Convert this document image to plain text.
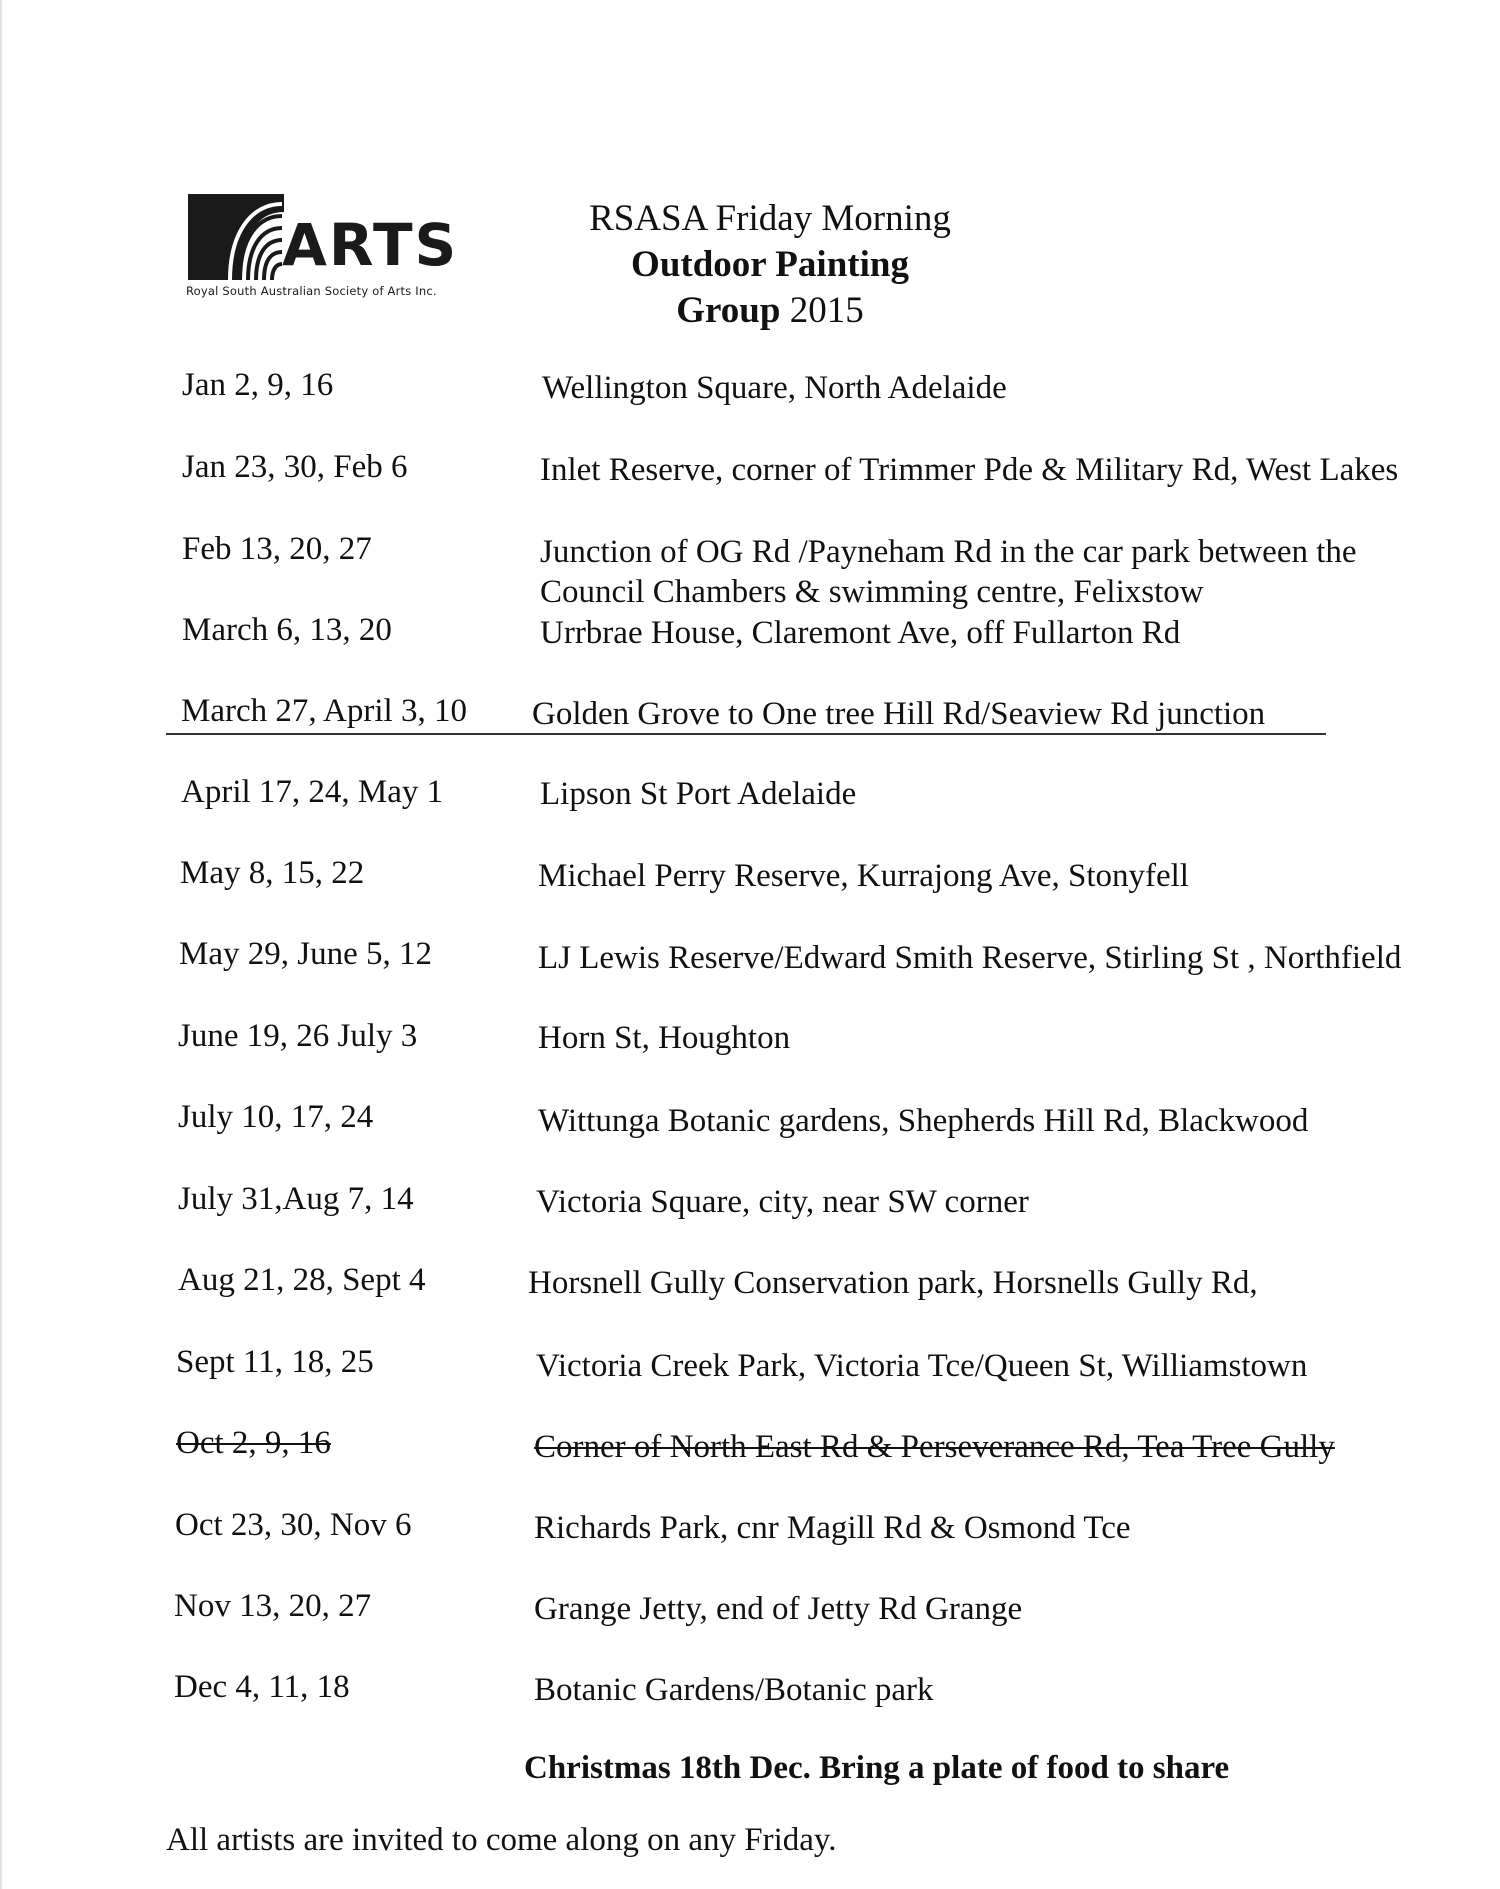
ARTS
Royal South Australian Society of Arts Inc.
RSASA Friday Morning Outdoor Painting
Group 2015
Jan 2, 9, 16	Wellington Square, North Adelaide
Jan 23, 30, Feb 6	Inlet Reserve, corner of Trimmer Pde & Military Rd, West Lakes
Feb 13, 20, 27	Junction of OG Rd /Payneham Rd in the car park between the Council Chambers & swimming centre, Felixstow
March 6, 13, 20	Urrbrae House, Claremont Ave, off Fullarton Rd
March 27, April 3, 10 Golden Grove to One tree Hill Rd/Seaview Rd junction
April 17, 24, May 1	Lipson St Port Adelaide
May 8, 15, 22	Michael Perry Reserve, Kurrajong Ave, Stonyfell
May 29, June 5, 12	LJ Lewis Reserve/Edward Smith Reserve, Stirling St , Northfield
June 19, 26 July 3	Horn St, Houghton
July 10, 17, 24	Wittunga Botanic gardens, Shepherds Hill Rd, Blackwood
July 31,Aug 7, 14	Victoria Square, city, near SW corner
Aug 21, 28, Sept 4	Horsnell Gully Conservation park, Horsnells Gully Rd,
Sept 11, 18, 25	Victoria Creek Park, Victoria Tce/Queen St, Williamstown
Oct 2, 9, 16	Corner of North East Rd & Perseverance Rd, Tea Tree Gully
Oct 23, 30, Nov 6	Richards Park, cnr Magill Rd & Osmond Tce
Nov 13, 20, 27	Grange Jetty, end of Jetty Rd Grange
Dec 4, 11, 18	Botanic Gardens/Botanic park
Christmas 18th Dec. Bring a plate of food to share
All artists are invited to come along on any Friday.
